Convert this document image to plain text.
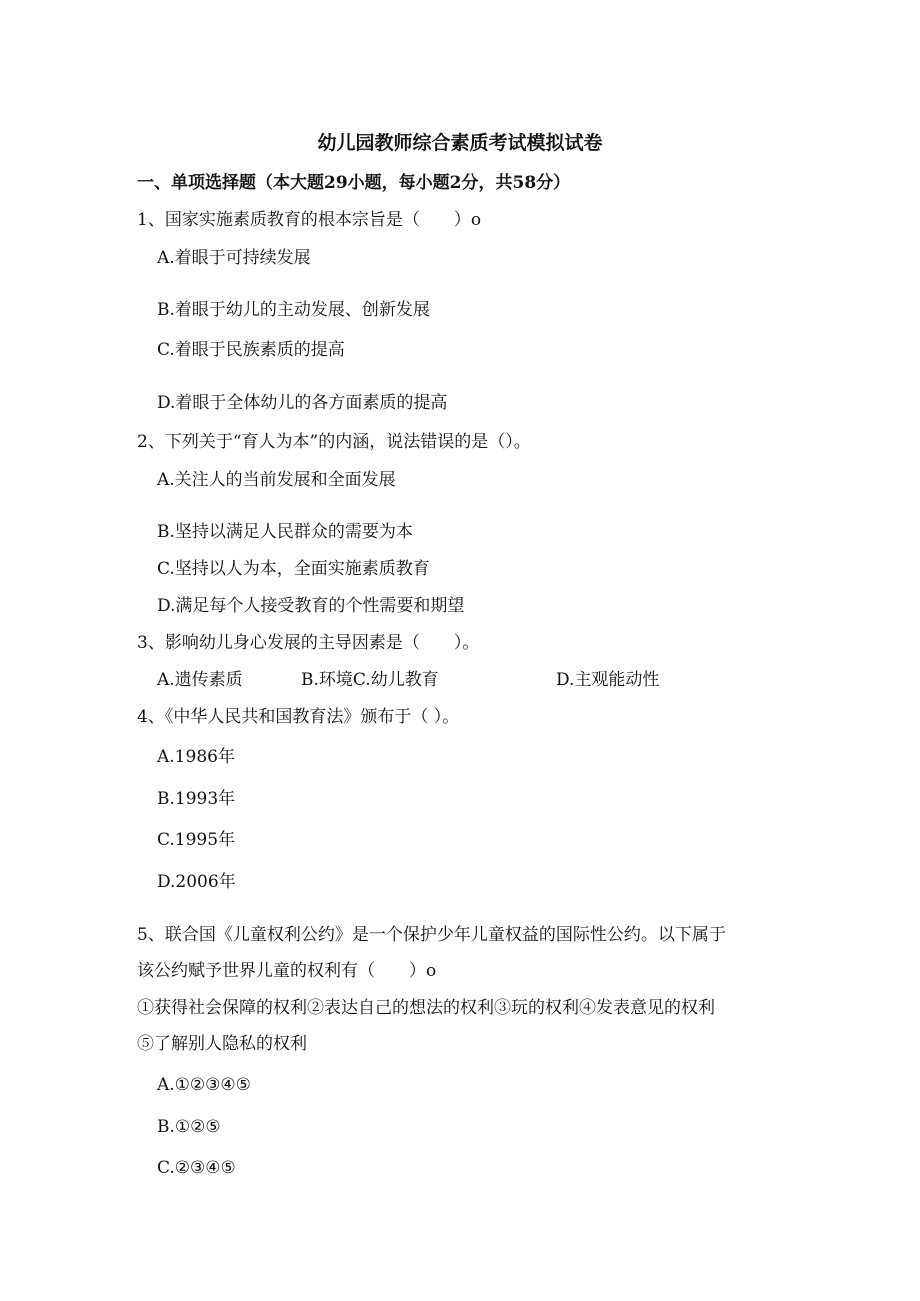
幼儿园教师综合素质考试模拟试卷
一、单项选择题（本大题29小题，每小题2分，共58分）
1、国家实施素质教育的根本宗旨是（　　）o
A.着眼于可持续发展
B.着眼于幼儿的主动发展、创新发展
C.着眼于民族素质的提高
D.着眼于全体幼儿的各方面素质的提高
2、下列关于“育人为本”的内涵，说法错误的是（）。
A.关注人的当前发展和全面发展
B.坚持以满足人民群众的需要为本
C.坚持以人为本，全面实施素质教育
D.满足每个人接受教育的个性需要和期望
3、影响幼儿身心发展的主导因素是（　　）。
A.遗传素质	B.环境C.幼儿教育	D.主观能动性
4、《中华人民共和国教育法》颁布于（ ）。
A.1986年
B.1993年
C.1995年
D.2006年
5、联合国《儿童权利公约》是一个保护少年儿童权益的国际性公约。以下属于
该公约赋予世界儿童的权利有（　　）o
①获得社会保障的权利②表达自己的想法的权利③玩的权利④发表意见的权利
⑤了解别人隐私的权利
A.①②③④⑤
B.①②⑤
C.②③④⑤
